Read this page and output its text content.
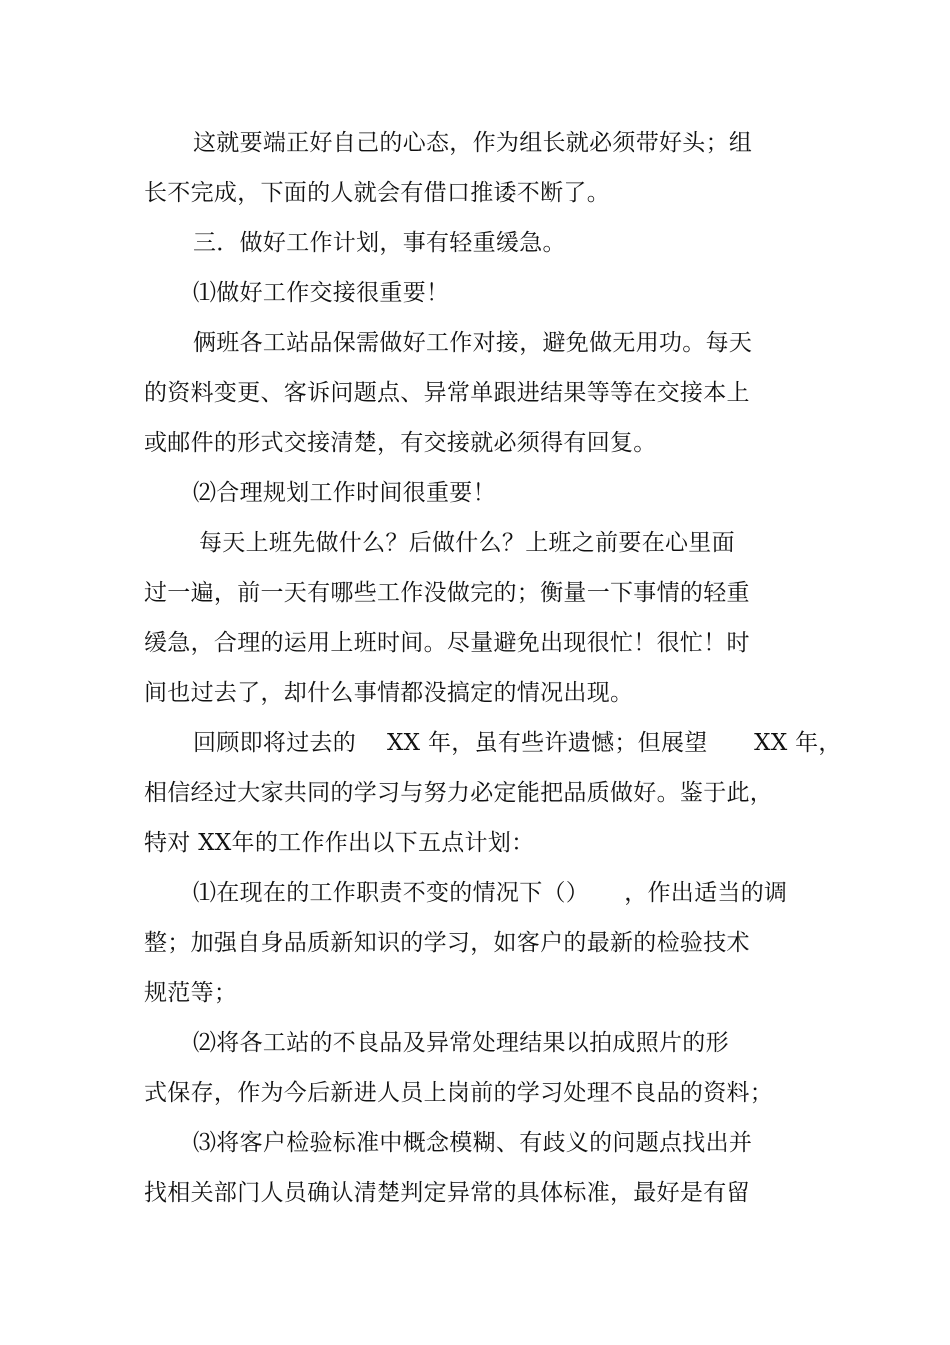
这就要端正好自己的心态，作为组长就必须带好头；组
长不完成，下面的人就会有借口推诿不断了。
三．做好工作计划，事有轻重缓急。
⑴做好工作交接很重要！
俩班各工站品保需做好工作对接，避免做无用功。每天
的资料变更、客诉问题点、异常单跟进结果等等在交接本上
或邮件的形式交接清楚，有交接就必须得有回复。
⑵合理规划工作时间很重要！
每天上班先做什么？后做什么？上班之前要在心里面
过一遍，前一天有哪些工作没做完的；衡量一下事情的轻重
缓急，合理的运用上班时间。尽量避免出现很忙！很忙！时
间也过去了，却什么事情都没搞定的情况出现。
回顾即将过去的　 XX 年，虽有些许遗憾；但展望　　XX 年，
相信经过大家共同的学习与努力必定能把品质做好。鉴于此，
特对 XX年的工作作出以下五点计划：
⑴在现在的工作职责不变的情况下（）　　，作出适当的调
整；加强自身品质新知识的学习，如客户的最新的检验技术
规范等；
⑵将各工站的不良品及异常处理结果以拍成照片的形
式保存，作为今后新进人员上岗前的学习处理不良品的资料；
⑶将客户检验标准中概念模糊、有歧义的问题点找出并
找相关部门人员确认清楚判定异常的具体标准，最好是有留
